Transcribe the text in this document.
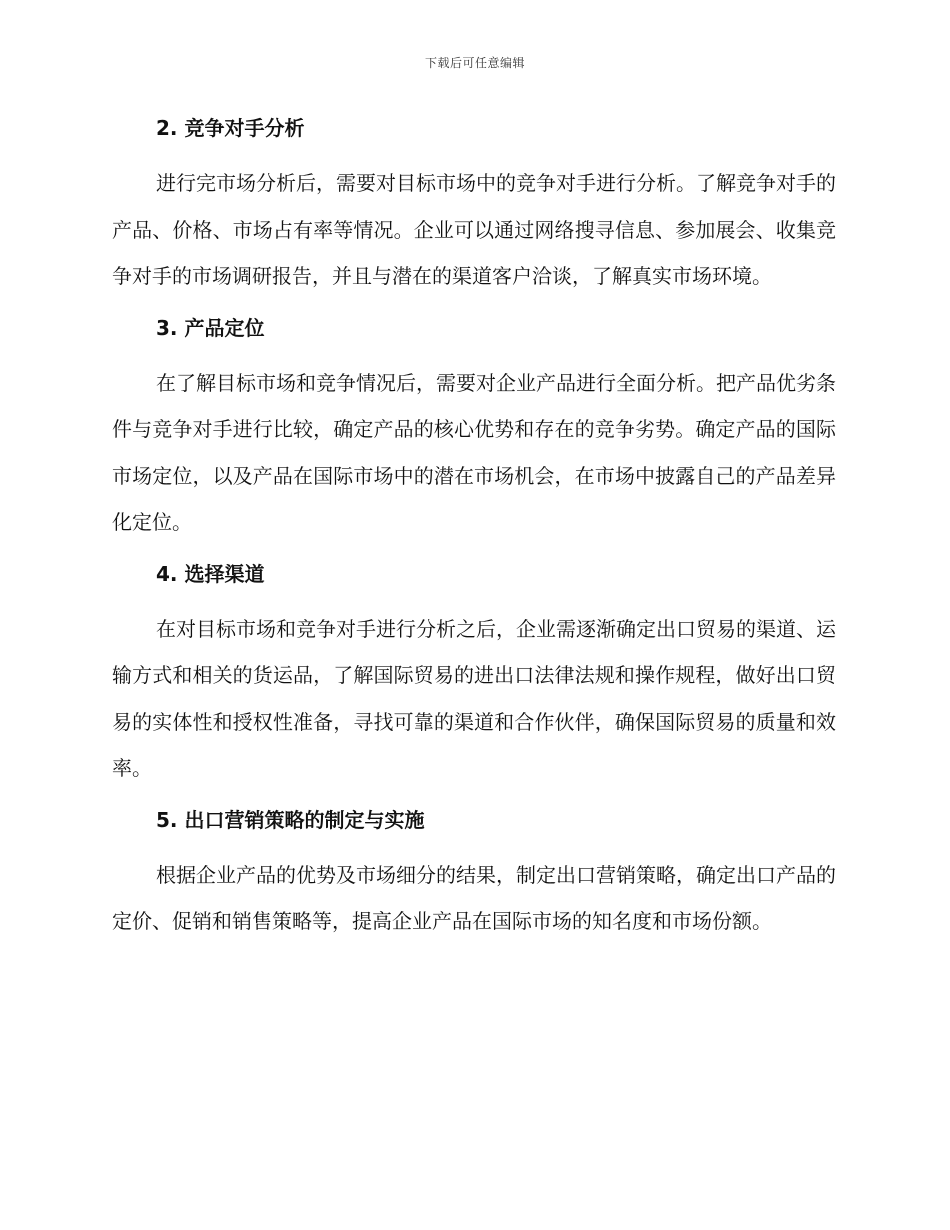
下载后可任意编辑
2. 竞争对手分析

进行完市场分析后，需要对目标市场中的竞争对手进行分析。了解竞争对手的产品、价格、市场占有率等情况。企业可以通过网络搜寻信息、参加展会、收集竞争对手的市场调研报告，并且与潜在的渠道客户洽谈，了解真实市场环境。

3. 产品定位

在了解目标市场和竞争情况后，需要对企业产品进行全面分析。把产品优劣条件与竞争对手进行比较，确定产品的核心优势和存在的竞争劣势。确定产品的国际市场定位，以及产品在国际市场中的潜在市场机会，在市场中披露自己的产品差异化定位。

4. 选择渠道

在对目标市场和竞争对手进行分析之后，企业需逐渐确定出口贸易的渠道、运输方式和相关的货运品，了解国际贸易的进出口法律法规和操作规程，做好出口贸易的实体性和授权性准备，寻找可靠的渠道和合作伙伴，确保国际贸易的质量和效率。

5. 出口营销策略的制定与实施

根据企业产品的优势及市场细分的结果，制定出口营销策略，确定出口产品的定价、促销和销售策略等，提高企业产品在国际市场的知名度和市场份额。
